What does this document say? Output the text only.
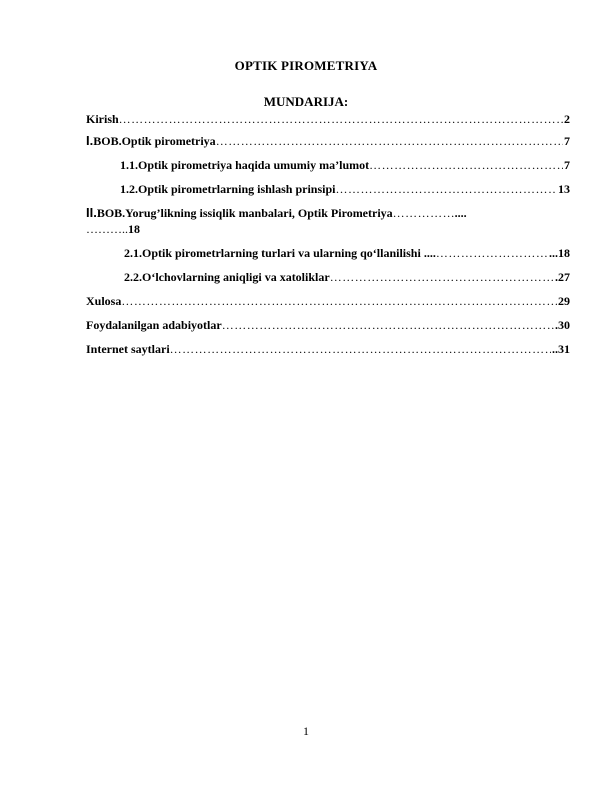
OPTIK PIROMETRIYA
MUNDARIJA:
Kirish ………………………………………………………………………………………………………………………………………	2
I.BOB.Optik pirometriya ………………………………………………………………………………………………………………………………………	7
1.1.Optik pirometriya haqida umumiy ma’lumot ………………………………………………………………………………………………………………………………………	7
1.2.Optik pirometrlarning ishlash prinsipi ………………………………………………………………………………………………………………………………………	13
II.BOB.Yorug’likning issiqlik manbalari, Optik Pirometriya ………………………………………………………………………………………………………………………………………	....
………..18
2.1.Optik pirometrlarning turlari va ularning qo‘llanilishi .... ………………………………………………………………………………………………………………………………………	...18
2.2.O‘lchovlarning aniqligi va xatoliklar ………………………………………………………………………………………………………………………………………	.27
Xulosa ………………………………………………………………………………………………………………………………………	29
Foydalanilgan adabiyotlar ………………………………………………………………………………………………………………………………………	.30
Internet saytlari ………………………………………………………………………………………………………………………………………	..31
1
